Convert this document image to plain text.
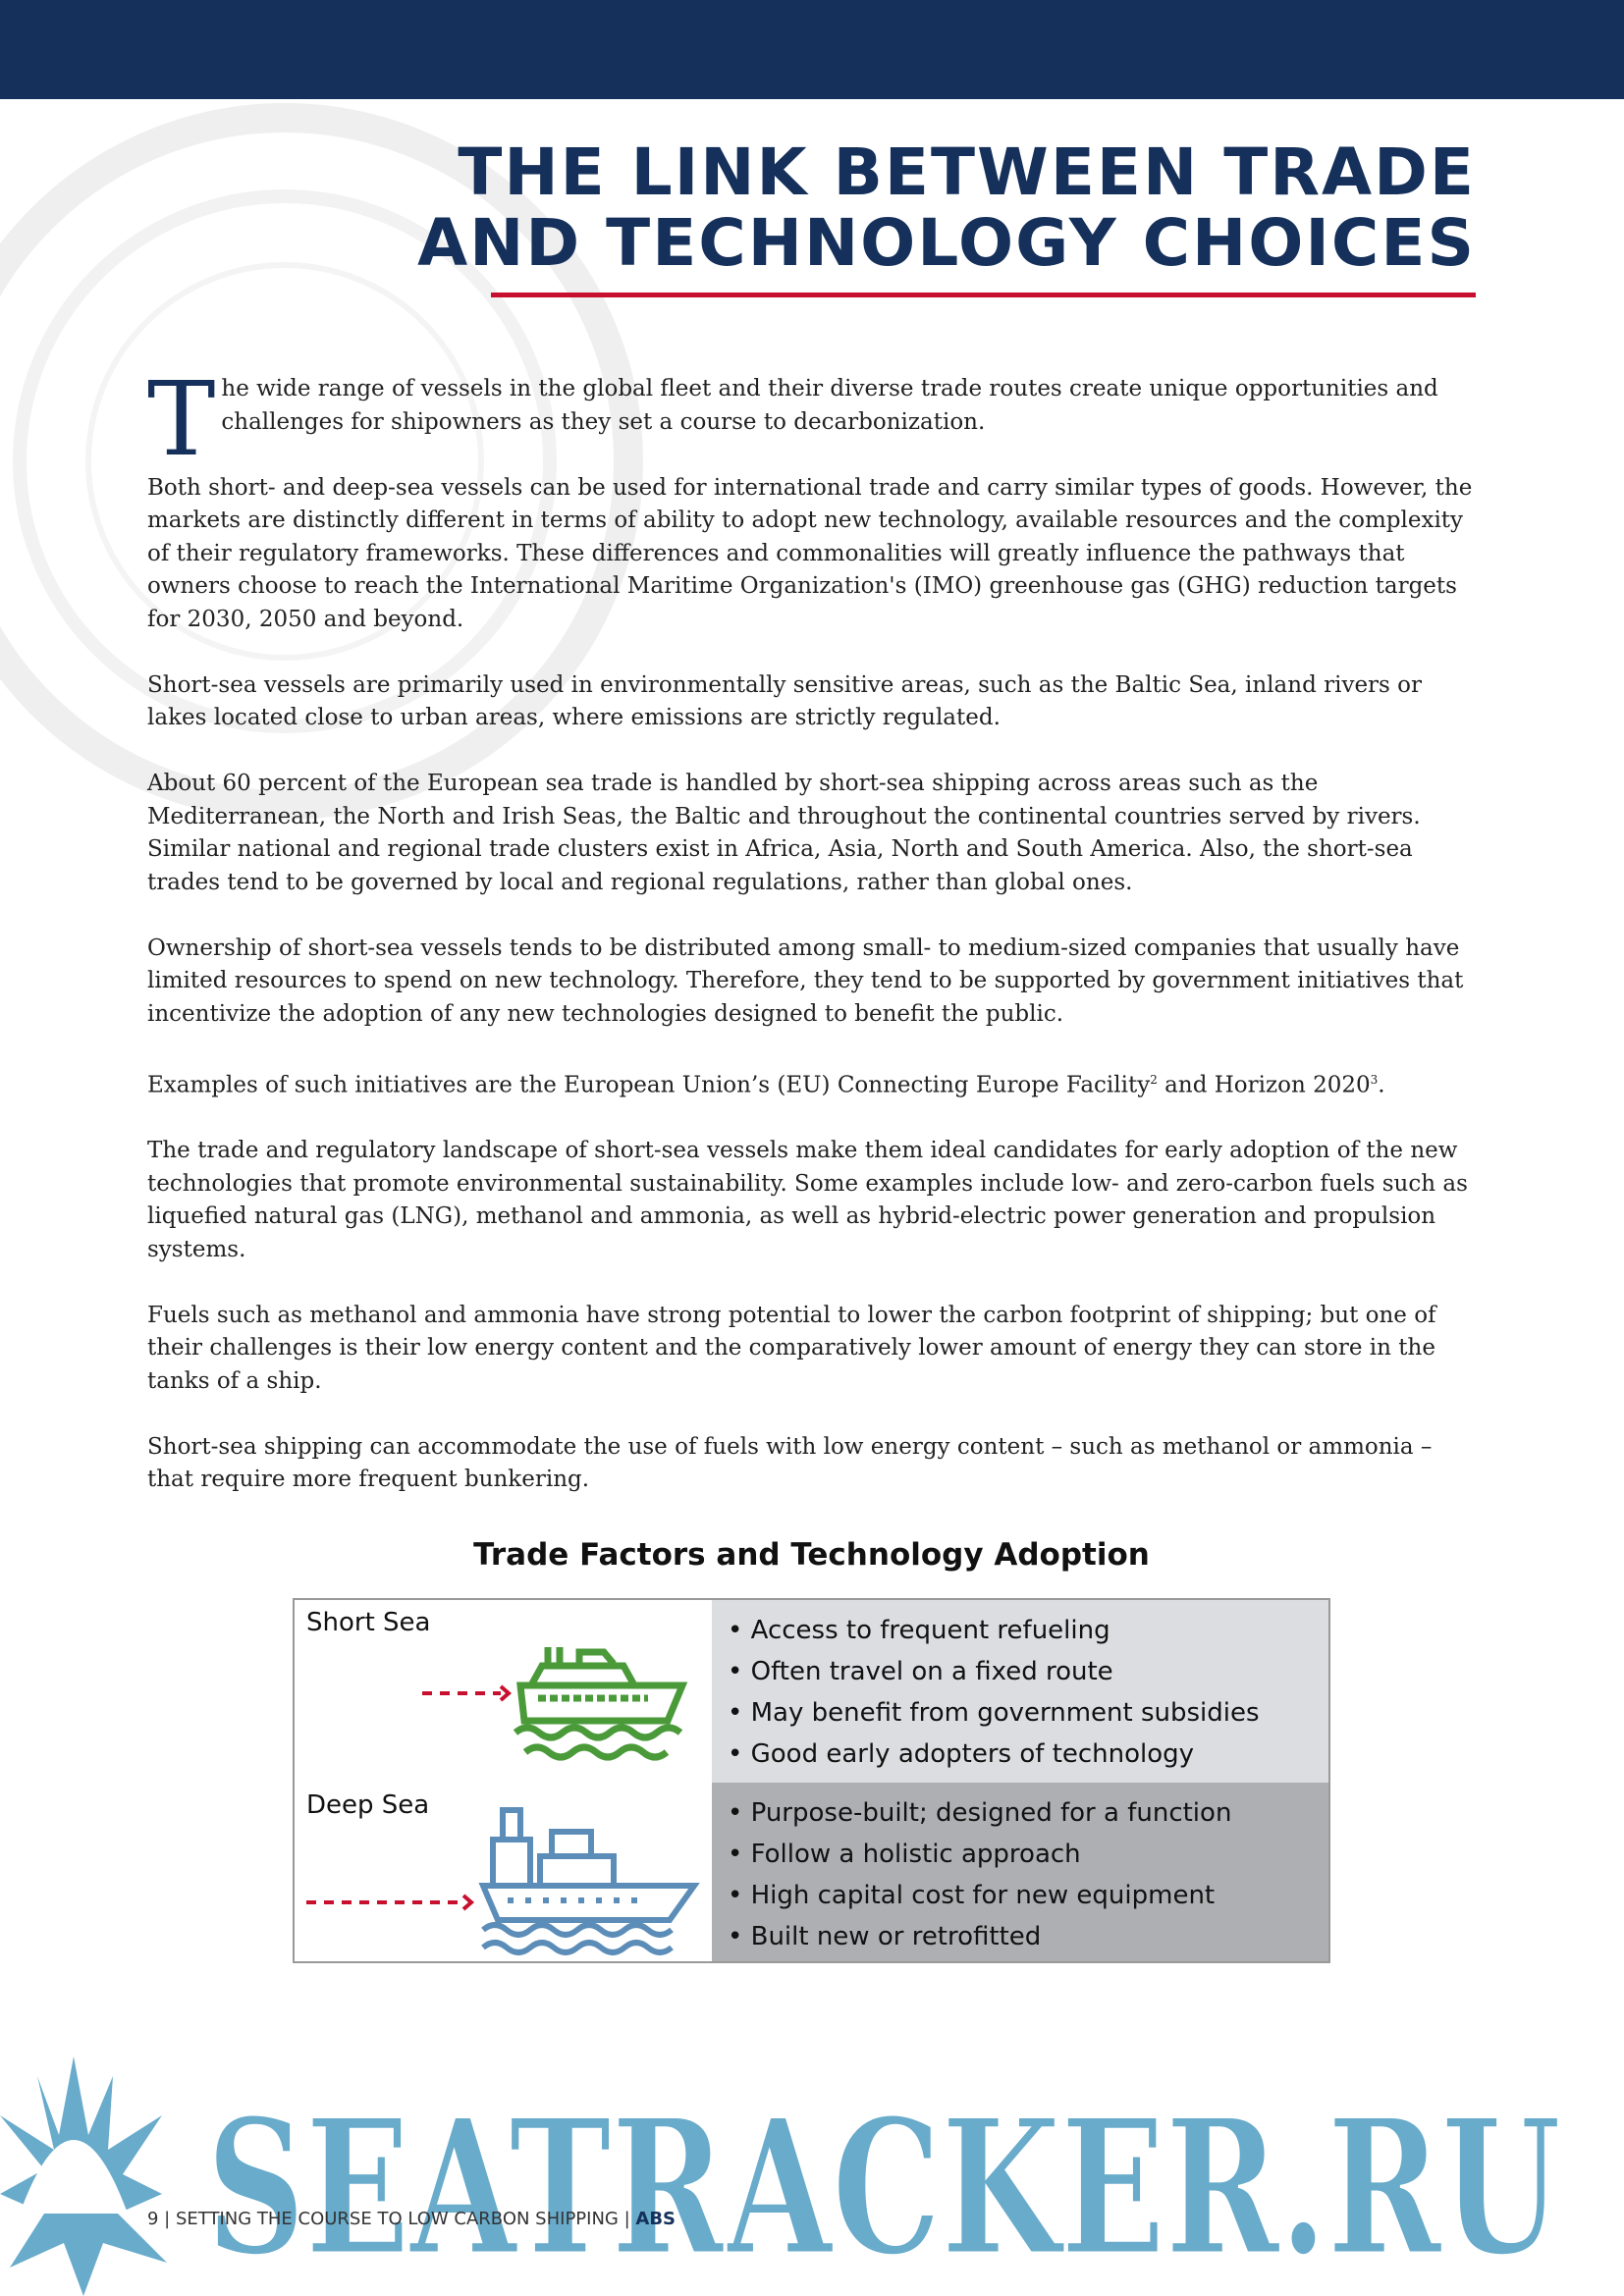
THE LINK BETWEEN TRADE
AND TECHNOLOGY CHOICES

The wide range of vessels in the global fleet and their diverse trade routes create unique opportunities and challenges for shipowners as they set a course to decarbonization.

Both short- and deep-sea vessels can be used for international trade and carry similar types of goods. However, the markets are distinctly different in terms of ability to adopt new technology, available resources and the complexity of their regulatory frameworks. These differences and commonalities will greatly influence the pathways that owners choose to reach the International Maritime Organization's (IMO) greenhouse gas (GHG) reduction targets for 2030, 2050 and beyond.

Short-sea vessels are primarily used in environmentally sensitive areas, such as the Baltic Sea, inland rivers or lakes located close to urban areas, where emissions are strictly regulated.

About 60 percent of the European sea trade is handled by short-sea shipping across areas such as the Mediterranean, the North and Irish Seas, the Baltic and throughout the continental countries served by rivers. Similar national and regional trade clusters exist in Africa, Asia, North and South America. Also, the short-sea trades tend to be governed by local and regional regulations, rather than global ones.

Ownership of short-sea vessels tends to be distributed among small- to medium-sized companies that usually have limited resources to spend on new technology. Therefore, they tend to be supported by government initiatives that incentivize the adoption of any new technologies designed to benefit the public.

Examples of such initiatives are the European Union’s (EU) Connecting Europe Facility$^2$ and Horizon 2020$^3$.

The trade and regulatory landscape of short-sea vessels make them ideal candidates for early adoption of the new technologies that promote environmental sustainability. Some examples include low- and zero-carbon fuels such as liquefied natural gas (LNG), methanol and ammonia, as well as hybrid-electric power generation and propulsion systems.

Fuels such as methanol and ammonia have strong potential to lower the carbon footprint of shipping; but one of their challenges is their low energy content and the comparatively lower amount of energy they can store in the tanks of a ship.

Short-sea shipping can accommodate the use of fuels with low energy content – such as methanol or ammonia – that require more frequent bunkering.

Trade Factors and Technology Adoption
Short Sea	• Access to frequent refueling
• Often travel on a fixed route
• May benefit from government subsidies
• Good early adopters of technology
Deep Sea	• Purpose-built; designed for a function
• Follow a holistic approach
• High capital cost for new equipment
• Built new or retrofitted
SEATRACKER.RU
9 | SETTING THE COURSE TO LOW CARBON SHIPPING | ABS
